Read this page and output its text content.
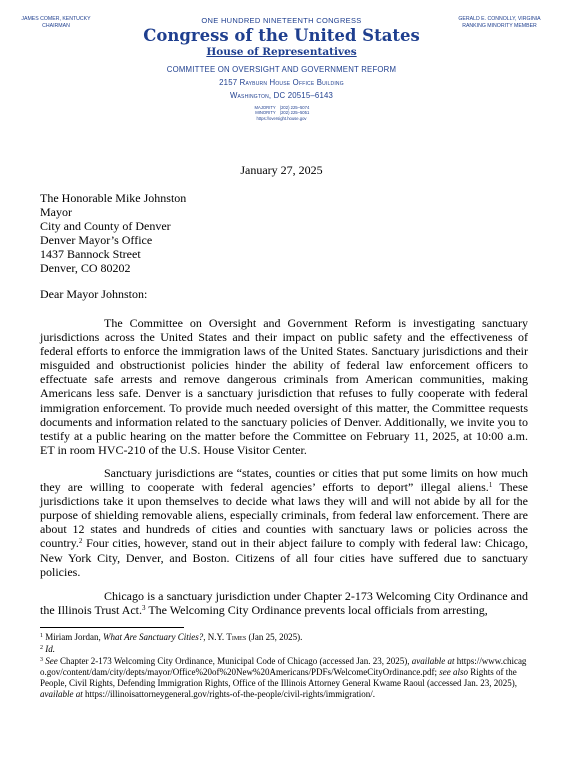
JAMES COMER, KENTUCKY
CHAIRMAN
ONE HUNDRED NINETEENTH CONGRESS
Congress of the United States
House of Representatives
COMMITTEE ON OVERSIGHT AND GOVERNMENT REFORM
2157 Rayburn House Office Building
Washington, DC 20515–6143
MAJORITY (202) 225–5074
MINORITY (202) 225–5051
https://oversight.house.gov
GERALD E. CONNOLLY, VIRGINIA
RANKING MINORITY MEMBER
January 27, 2025
The Honorable Mike Johnston
Mayor
City and County of Denver
Denver Mayor’s Office
1437 Bannock Street
Denver, CO 80202
Dear Mayor Johnston:

The Committee on Oversight and Government Reform is investigating sanctuary jurisdictions across the United States and their impact on public safety and the effectiveness of federal efforts to enforce the immigration laws of the United States. Sanctuary jurisdictions and their misguided and obstructionist policies hinder the ability of federal law enforcement officers to effectuate safe arrests and remove dangerous criminals from American communities, making Americans less safe. Denver is a sanctuary jurisdiction that refuses to fully cooperate with federal immigration enforcement. To provide much needed oversight of this matter, the Committee requests documents and information related to the sanctuary policies of Denver. Additionally, we invite you to testify at a public hearing on the matter before the Committee on February 11, 2025, at 10:00 a.m. ET in room HVC-210 of the U.S. House Visitor Center.

Sanctuary jurisdictions are “states, counties or cities that put some limits on how much they are willing to cooperate with federal agencies’ efforts to deport” illegal aliens.$^1$ These jurisdictions take it upon themselves to decide what laws they will and will not abide by all for the purpose of shielding removable aliens, especially criminals, from federal law enforcement. There are about 12 states and hundreds of cities and counties with sanctuary laws or policies across the country.$^2$ Four cities, however, stand out in their abject failure to comply with federal law: Chicago, New York City, Denver, and Boston. Citizens of all four cities have suffered due to sanctuary policies.

Chicago is a sanctuary jurisdiction under Chapter 2-173 Welcoming City Ordinance and the Illinois Trust Act.$^3$ The Welcoming City Ordinance prevents local officials from arresting,

$^1$ Miriam Jordan, What Are Sanctuary Cities?, N.Y. Times (Jan 25, 2025).

$^2$ Id.

$^3$ See Chapter 2-173 Welcoming City Ordinance, Municipal Code of Chicago (accessed Jan. 23, 2025), available at https://www.chicago.gov/content/dam/city/depts/mayor/Office%20of%20New%20Americans/PDFs/WelcomeCityOrdinance.pdf; see also Rights of the People, Civil Rights, Defending Immigration Rights, Office of the Illinois Attorney General Kwame Raoul (accessed Jan. 23, 2025), available at https://illinoisattorneygeneral.gov/rights-of-the-people/civil-rights/immigration/.
